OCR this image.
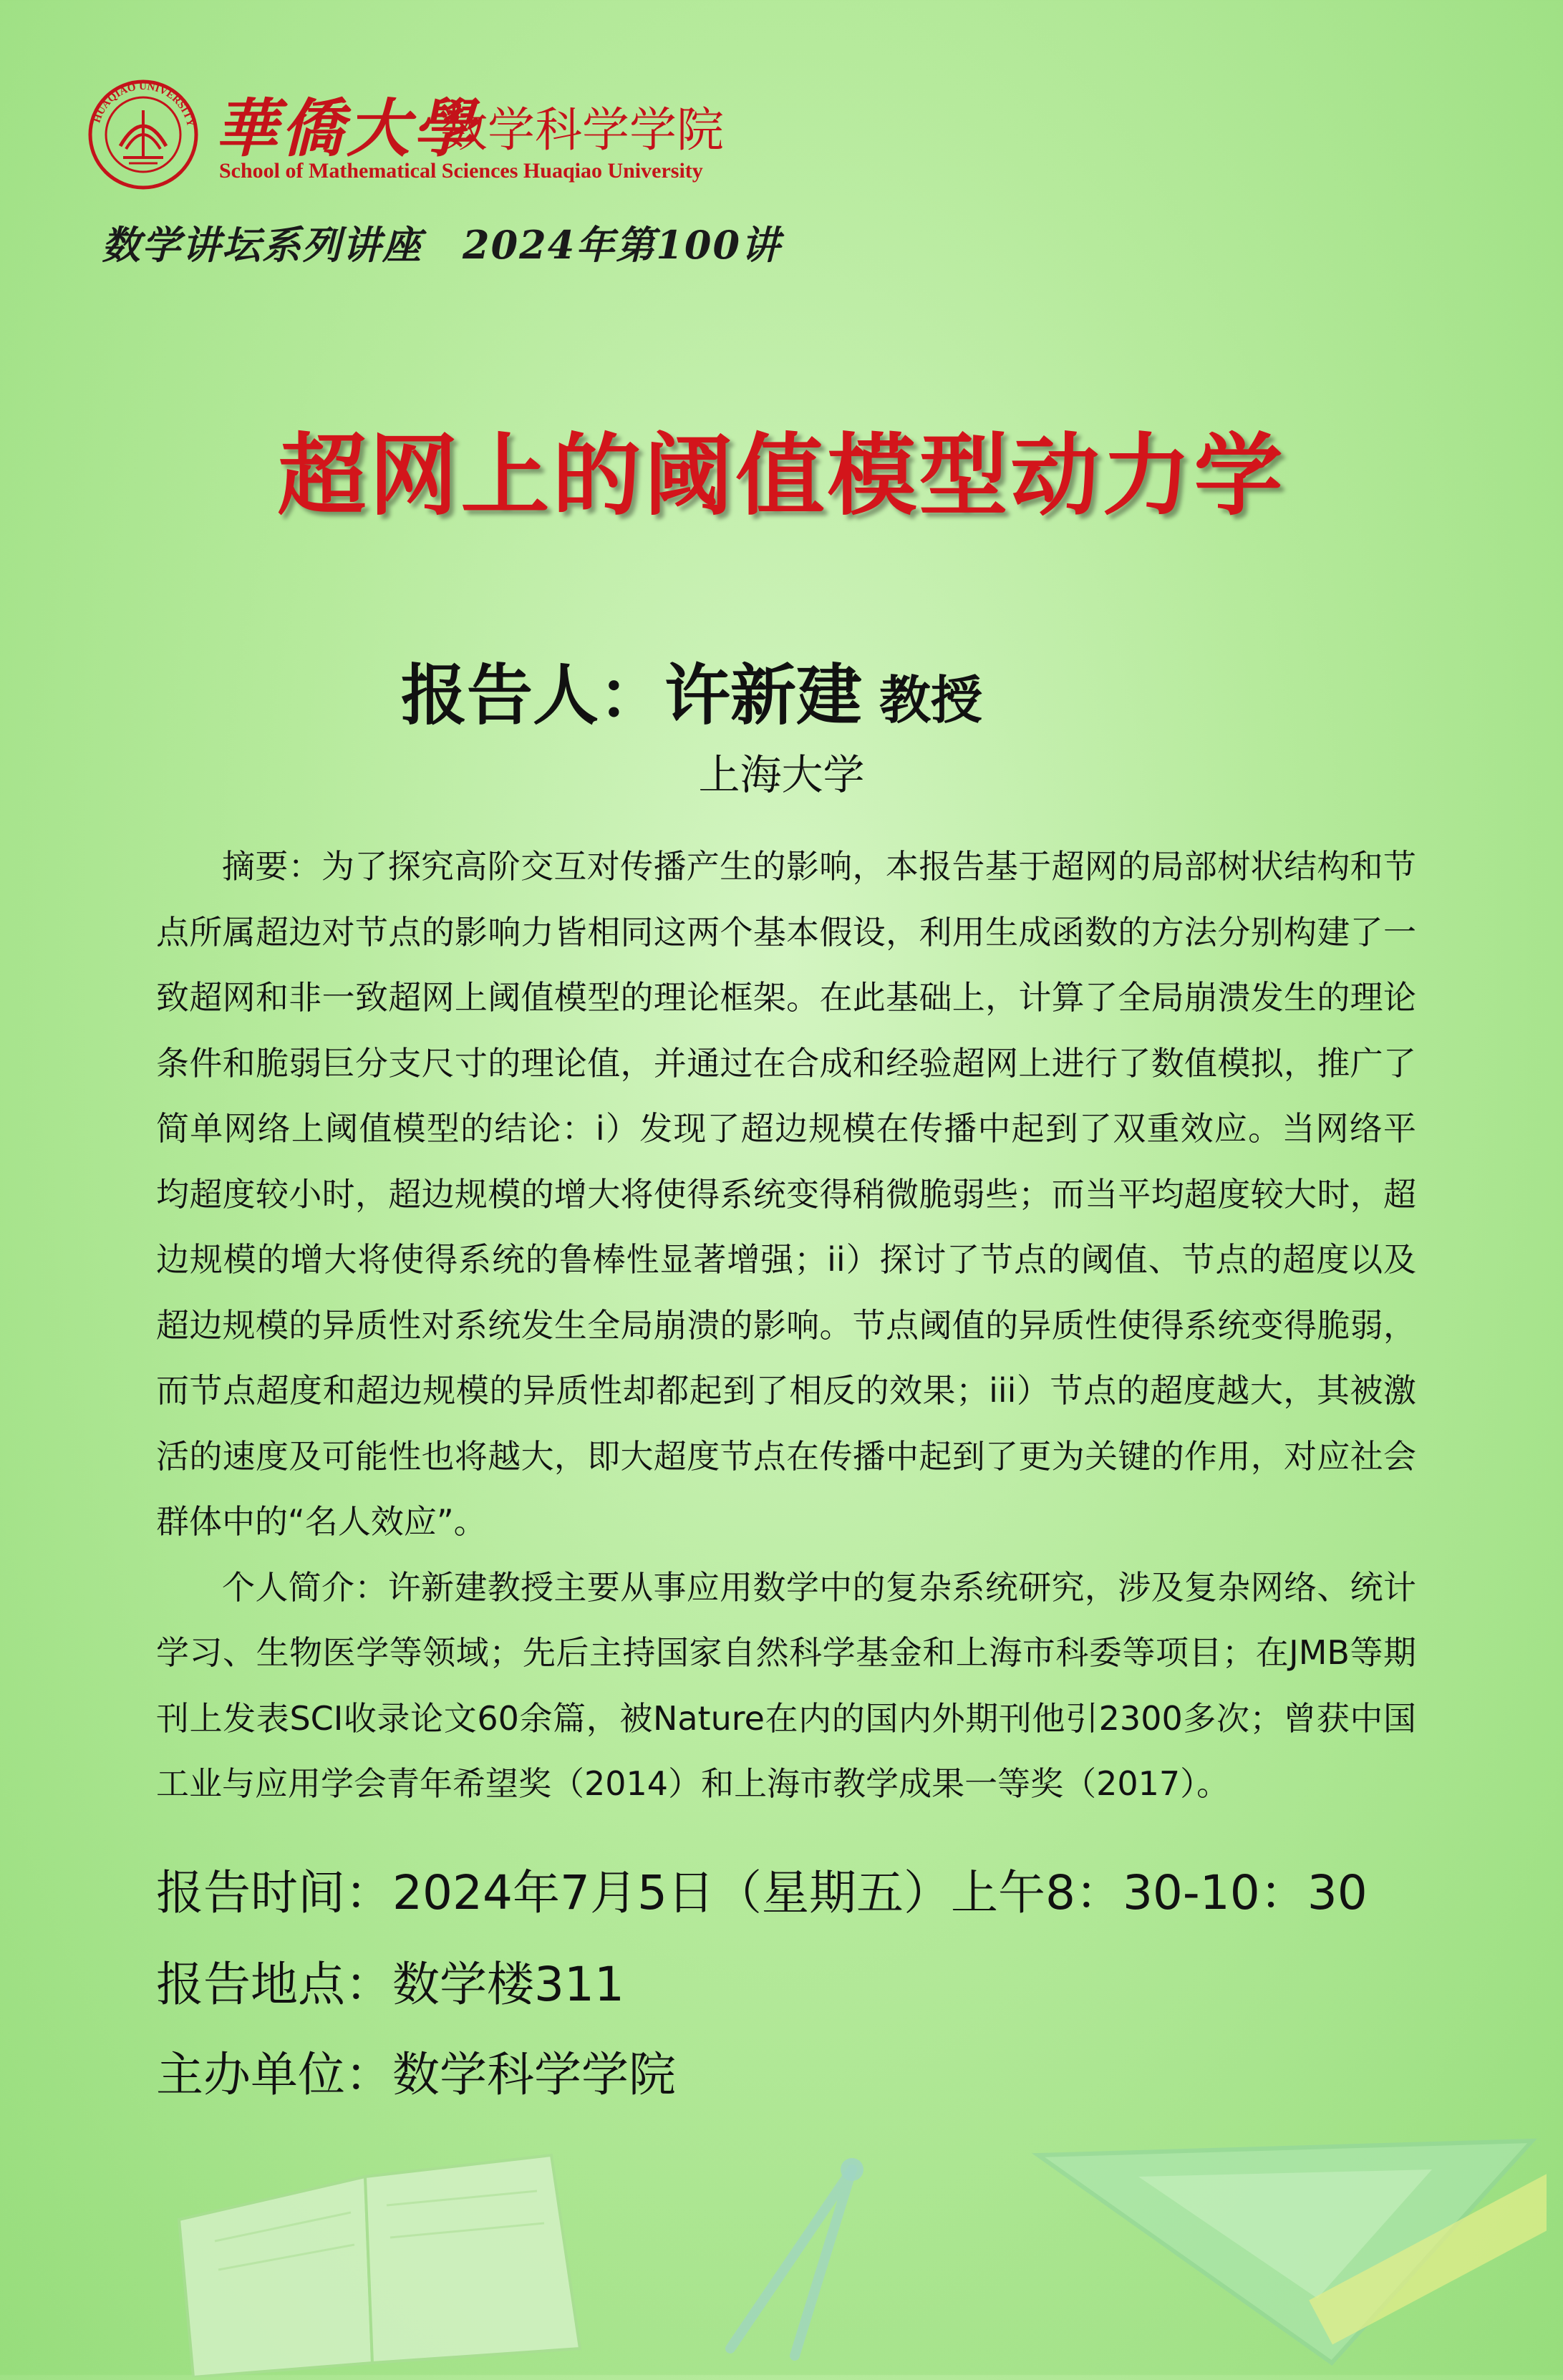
HUAQIAO UNIVERSITY 華僑大學
数学科学学院
School of Mathematical Sciences Huaqiao University
数学讲坛系列讲座　2024年第100讲
超网上的阈值模型动力学
报告人：许新建 教授
上海大学

摘要：为了探究高阶交互对传播产生的影响，本报告基于超网的局部树状结构和节点所属超边对节点的影响力皆相同这两个基本假设，利用生成函数的方法分别构建了一致超网和非一致超网上阈值模型的理论框架。在此基础上，计算了全局崩溃发生的理论条件和脆弱巨分支尺寸的理论值，并通过在合成和经验超网上进行了数值模拟，推广了简单网络上阈值模型的结论：i）发现了超边规模在传播中起到了双重效应。当网络平均超度较小时，超边规模的增大将使得系统变得稍微脆弱些；而当平均超度较大时，超边规模的增大将使得系统的鲁棒性显著增强；ii）探讨了节点的阈值、节点的超度以及超边规模的异质性对系统发生全局崩溃的影响。节点阈值的异质性使得系统变得脆弱，而节点超度和超边规模的异质性却都起到了相反的效果；iii）节点的超度越大，其被激活的速度及可能性也将越大，即大超度节点在传播中起到了更为关键的作用，对应社会群体中的“名人效应”。

个人简介：许新建教授主要从事应用数学中的复杂系统研究，涉及复杂网络、统计学习、生物医学等领域；先后主持国家自然科学基金和上海市科委等项目；在JMB等期刊上发表SCI收录论文60余篇，被Nature在内的国内外期刊他引2300多次；曾获中国工业与应用学会青年希望奖（2014）和上海市教学成果一等奖（2017）。

报告时间：2024年7月5日（星期五）上午8：30-10：30
报告地点：数学楼311
主办单位：数学科学学院
